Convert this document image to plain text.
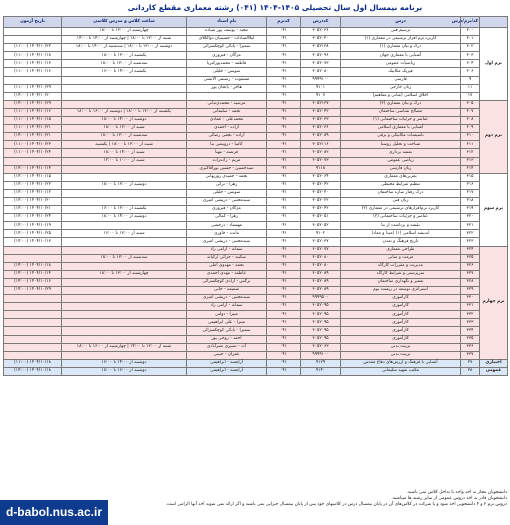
برنامه نیمسال اول سال تحصیلی ۱۴۰۵-۱۴۰۴ (۰۴۱) رشته معماری مقطع کاردانی
	کد/ترم/درس	درس	کددرس	کدترم	نام استاد	ساعت کلاس و مدرس کلاسی	تاریخ آزمون
ترم اول	۳۰۰	ترسیم فنی	۳۰۵۲۰۳۶	۰۴۱	مجید - یوسف پور شیاده	چهارشنبه از ۱۳:۰۰ تا ۱۸:۰۰	
	۳۰۱	کاربرد نرم افزار ترسیمی در معماری (۱)	۳۰۵۲۰۴۰	۰۴۱	لیلاالسادات - حسینیان ذوالکلای	شنبه از ۱۳:۰۰ تا ۱۸:۰۰ | چهارشنبه از ۱۴:۰۰ تا ۱۴:۰۰	
	۳۰۲	درک و بیان معماری (۱)	۳۰۵۲۱۳۸	۰۴۱	سمیرا - بابائی کوچکسرائی	دوشنبه از ۱۳:۰۰ تا ۱۸:۰۰ | سه‌شنبه از ۱۴:۰۰ تا ۱۸:۰۰	۱۴۰۴/۱۰/۲۲ (۱۱:۰۰)
	۳۰۳	آشنایی با معماری جهان	۳۰۵۲۰۹۶	۰۴۱	مژگان - فیروزی	یکشنبه از ۱۳:۰۰ تا ۱۸:۰۰	۱۴۰۴/۱۰/۱۸ (۱۱:۰۰)
	۳۰۴	ریاضیات عمومی	۳۰۵۲۰۷۳	۰۴۱	فاطمه - محمدپورکبریا	سه‌شنبه از ۱۳:۰۰ تا ۱۸:۰۰	۱۴۰۴/۱۰/۱۳ (۱۱:۰۰)
	۳۰۶	فیزیک مکانیک	۳۰۵۲۰۸۰	۰۴۱	سوسن - خلیلی	یکشنبه از ۱۴:۰۰ تا ۱۶:۰۰	۱۴۰۴/۱۰/۱۶ (۱۱:۰۰)
	۹	فارسی	۹۹۹۹۱۰۰	۰۴۱	مسعوده - رستمی الانشی		
	۱۱	زبان خارجی	۹۱۰۱	۰۴۱	هاجر - پایجان پور		۱۴۰۴/۱۰/۲۹ (۱۱:۰۰)
	۱۷	اخلاق اسلامی (مبانی و مفاهیم)	۹۱۰۷	۰۴۱			۱۴۰۴/۱۰/۲۰ (۱۴:۰۰)
ترم دوم	۳۰۵	درک و بیان معماری (۲)	۳۰۵۲۱۳۷	۰۴۱	مرضیه - محمدی‌تبانی		۱۴۰۴/۱۰/۲۹ (۱۴:۰۰)
	۳۰۷	مصالح شناسی ساختمان	۳۰۵۲۰۴۲	۰۴۱	نجمه - سلیمانی	یکشنبه از ۱۳:۰۰ تا ۱۸:۰۰ | دوشنبه از ۱۶:۰۰ تا ۱۸:۰۰	۱۴۰۴/۱۰/۱۶ (۱۱:۰۰)
	۳۰۸	عناصر و جزئیات ساختمانی (۱)	۳۰۵۲۰۳۳	۰۴۱	محمدعلی - عمادی	دوشنبه از ۱۴:۰۰ تا ۱۸:۰۰	۱۴۰۴/۱۰/۱۵ (۱۱:۰۰)
	۳۰۹	آشنایی با معماری اسلامی	۳۰۵۲۰۳۶	۰۴۱	آزاده - احمدی	شنبه از ۱۳:۰۰ تا ۱۸:۰۰	۱۴۰۴/۱۰/۲۱ (۱۱:۰۰)
	۳۱۰	تاسیسات مکانیکی و برقی	۳۰۵۲۰۸۹	۰۴۱	آزاده - نجمی رضائی	سه‌شنبه از ۱۳:۰۰ تا ۱۸:۰۰	۱۴۰۴/۱۰/۲۱ (۱۴:۰۰)
	۳۱۱	شناخت و تحلیل روستا	۳۰۵۲۱۱۶	۰۴۱	کامیا - درویشی تبا	شنبه از ۱۳:۰۰ تا ۱۸:۰۰ | یکشنبه	۱۴۰۴/۱۰/۲۳ (۱۱:۰۰)
	۳۱۲	نقشه برداری	۳۰۵۲۰۸۲	۰۴۱	فرشته - مهنا	شنبه از ۱۴:۰۰ تا ۱۸:۰۰	۱۴۰۴/۱۰/۲۴ (۱۱:۰۰)
	۳۱۳	ریاضی عمومی	۳۰۵۲۰۷۳	۰۴۱	مریم - زاده‌زاده	شنبه از ۱۰:۰۰ تا ۱۲:۰۰	
	۳۱۴	زبان فارسی	۹۱۱۸	۰۴۱	سیدحسین - حسین پورآقاکبری		۱۴۰۴/۱۰/۱۴ (۱۴:۰۰)
ترم سوم	۳۱۵	تمرین‌های معماری	۳۰۵۲۰۶۴	۰۴۱	نجمه - حمیدی روزبهانی		۱۴۰۴/۱۰/۱۵ (۱۴:۰۰)
	۳۱۶	تنظیم شرایط محیطی	۳۰۵۲۰۴۲	۰۴۱	زهرا - ترکی	دوشنبه از ۱۳:۰۰ تا ۱۸:۰۰	۱۴۰۴/۱۰/۲۲ (۱۴:۰۰)
	۳۱۷	درک رفتار سازه ساختمان	۳۰۵۲۰۴۰	۰۴۱	سوسن - خلیلی		۱۴۰۴/۱۰/۱۲ (۱۴:۰۰)
	۳۱۸	زبان فنی	۳۰۵۲۰۲۲	۰۴۱	سیدمجتبی - دریشی امیری		۱۴۰۴/۱۰/۲۰ (۱۴:۰۰)
	۳۱۹	کاربرد نرم‌افزارهای ترسیمی در معماری (۲)	۳۰۵۲۰۴۲	۰۴۱	مژگان - فیروزی	یکشنبه از ۱۳:۰۰ تا ۱۶:۰۰	۱۴۰۴/۱۰/۲۱ (۱۴:۰۰)
	۳۲۰	عناصر و جزئیات ساختمانی (۲)	۳۰۵۲۰۵۱	۰۴۱	زهرا - کمالی	دوشنبه از ۱۴:۰۰ تا ۱۸:۰۰	۱۴۰۴/۱۰/۲۴ (۱۴:۰۰)
	۳۲۱	نقشه و برداشت از بنا	۳۰۵۲۰۵۲	۰۴۱	مهستاد - درخشی		۱۴۰۴/۱۰/۱۹ (۱۴:۰۰)
	۳۲۲	اندیشه اسلامی (۱) (مبدا و معاد)	۹۱۰۲	۰۴۱	مانده - خاوری	شنبه از ۱۳:۰۰ تا ۱۶:۰۰	۱۴۰۴/۱۰/۲۵ (۱۴:۰۰)
	۳۲۳	تاریخ فرهنگ و تمدن	۳۰۵۲۰۳۷	۰۴۱	سیدمجتبی - دریشی امیری		۱۴۰۴/۱۰/۱۳ (۱۴:۰۰)
ترم چهارم	۳۲۴	طراحی معماری	۳۰۵۲۰۷۷	۰۴۱	سمانه - آرامی راد		
	۳۲۵	مرمت و مبانی	۳۰۵۲۰۸۰	۰۴۱	سکینه - حرائی ارکیاند	سه‌شنبه از ۱۳:۰۰ تا ۱۸:۰۰	
	۳۲۶	مدیریت و مقررات کارگاه	۳۰۵۲۰۸۰	۰۴۱	نجمه - مهدوی آملی		۱۴۰۴/۱۰/۱۸ (۱۴:۰۰)
	۳۲۷	سرپرستی و شرایط کارگاه	۳۰۵۲۰۸۹	۰۴۱	عاطفه - مهدی احمدی	چهارشنبه از ۱۳:۰۰ تا ۱۸:۰۰	۱۴۰۴/۱۰/۱۴ (۱۴:۰۰)
	۳۲۸	تعمیر و نگهداری ساختمان	۳۰۵۲۰۸۹	۰۴۱	نرگس - آزادی کوچکسرائی		۱۴۰۴/۱۰/۱۶ (۱۴:۰۰)
	۳۲۹	استراتژی توسعه در زیست بوم	۳۰۵۲۰۸۹	۰۴۱	شمیمه - خانی		۱۴۰۴/۱۰/۲۹ (۱۴:۰۰)
	۳۳۰	کارآموزی	۹۹۹۹۵۰۰	۰۴۱	سیدمجتبی - دریشی امیری		
	۳۳۱	کارآموزی	۳۰۵۲۰۹۵	۰۴۱	سمانه - آرامی راد		
	۳۳۲	کارآموزی	۳۰۵۲۰۹۵	۰۴۱	میترا - دولتی		
	۳۳۳	کارآموزی	۳۰۵۲۰۹۵	۰۴۱	میترا - علی ابراهیمی		
	۳۳۴	کارآموزی	۳۰۵۲۰۹۵	۰۴۱	سمیرا - بابائی کوچکسرائی		
	۳۳۵	کارآموزی	۳۰۵۲۰۹۵	۰۴۱	احمد - روحی پور		
	۳۳۶	تربیت بدنی	۳۰۵۲۰۶۳	۰۴۱	آذد - نصیری نصرآبادی	شنبه از ۱۳:۰۰ تا ۱۴:۰۰ | چهارشنبه از ۱۶:۰۰ تا ۱۸:۰۰	
	۳۳۷	تربیت بدنی	۹۹۹۹۱۰۰	۰۴۱	عمران - حبیبی		
اختیاری	۲۷	آشنایی با فرهنگ و ارزش‌های دفاع مقدس	۹۱۲۹	۰۴۱	آرامسه - ابراهیمی	دوشنبه از ۱۴:۰۰ تا ۱۶:۰۰	۱۴۰۴/۱۰/۱۸ (۱۱:۰۰)
عمومی	۳۸	مکتب شهید سلیمانی	۹۱۴۰	۰۴۱	آرامسه - ابراهیمی	دوشنبه از ۱۶:۰۰ تا ۱۸:۰۰	۱۴۰۴/۱۰/۱۸ (۱۴:۰۰)
دانشجویان مجاز به اخذ واحد با تداخل کلاس نمی باشند.
دانشجویان قادر به اخذ دروس عمومی از سایر رشته ها میباشند.
دروس ترم ۲ و ۴ دانشجویی اخذ شود و یا شرکت در کلاس‌های آن در پایان نیمسال درس در کلاسهای خود پس از پایان نیمسال جبرانی نمی باشند و اگر ارائه نمی شوند اخذ آنها الزامی است.
d-babol.nus.ac.ir
